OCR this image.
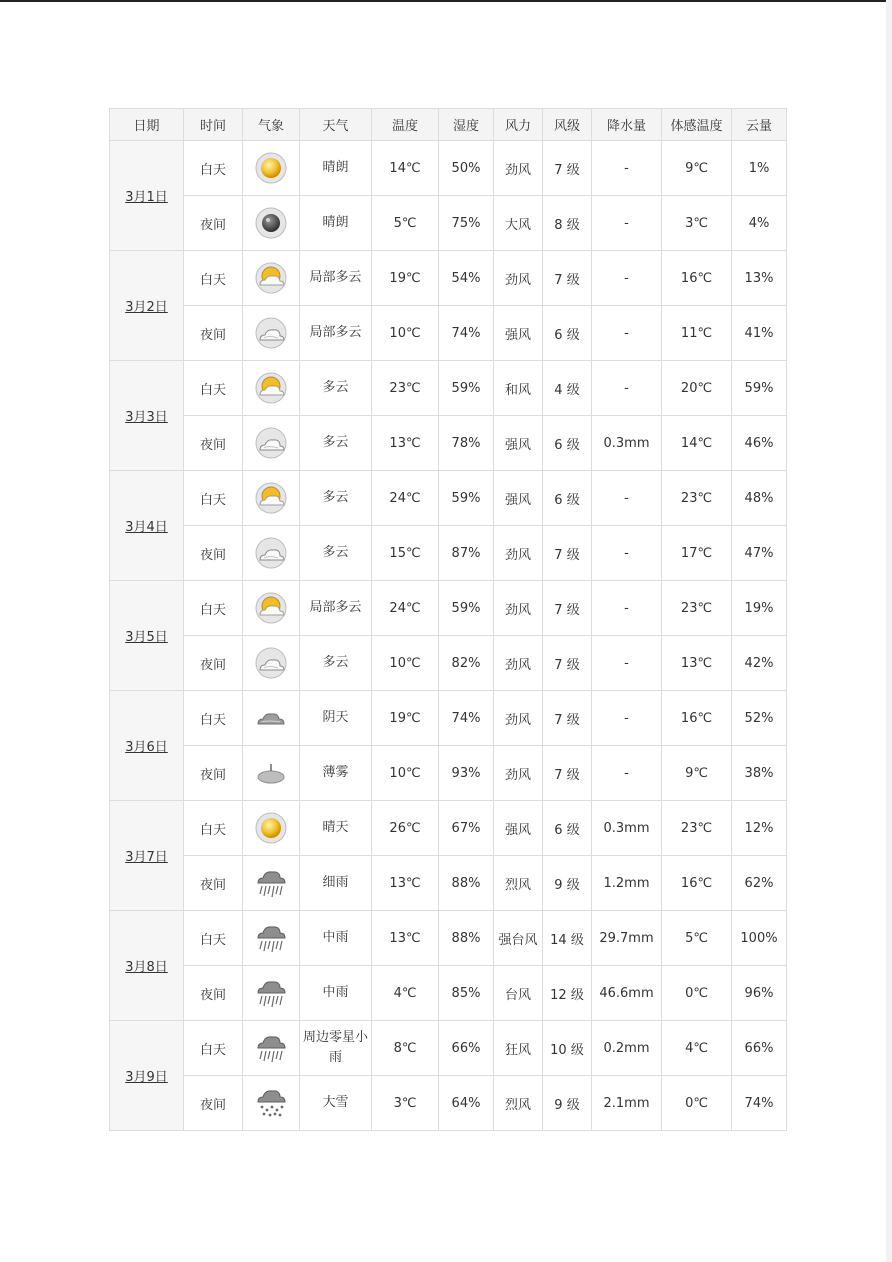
日期	时间	气象	天气	温度	湿度	风力	风级	降水量	体感温度	云量
3月1日	白天		晴朗	14℃	50%	劲风	7 级	-	9℃	1%
	夜间		晴朗	5℃	75%	大风	8 级	-	3℃	4%
3月2日	白天		局部多云	19℃	54%	劲风	7 级	-	16℃	13%
	夜间		局部多云	10℃	74%	强风	6 级	-	11℃	41%
3月3日	白天		多云	23℃	59%	和风	4 级	-	20℃	59%
	夜间		多云	13℃	78%	强风	6 级	0.3mm	14℃	46%
3月4日	白天		多云	24℃	59%	强风	6 级	-	23℃	48%
	夜间		多云	15℃	87%	劲风	7 级	-	17℃	47%
3月5日	白天		局部多云	24℃	59%	劲风	7 级	-	23℃	19%
	夜间		多云	10℃	82%	劲风	7 级	-	13℃	42%
3月6日	白天		阴天	19℃	74%	劲风	7 级	-	16℃	52%
	夜间		薄雾	10℃	93%	劲风	7 级	-	9℃	38%
3月7日	白天		晴天	26℃	67%	强风	6 级	0.3mm	23℃	12%
	夜间		细雨	13℃	88%	烈风	9 级	1.2mm	16℃	62%
3月8日	白天		中雨	13℃	88%	强台风	14 级	29.7mm	5℃	100%
	夜间		中雨	4℃	85%	台风	12 级	46.6mm	0℃	96%
3月9日	白天		周边零星小雨	8℃	66%	狂风	10 级	0.2mm	4℃	66%
	夜间		大雪	3℃	64%	烈风	9 级	2.1mm	0℃	74%
